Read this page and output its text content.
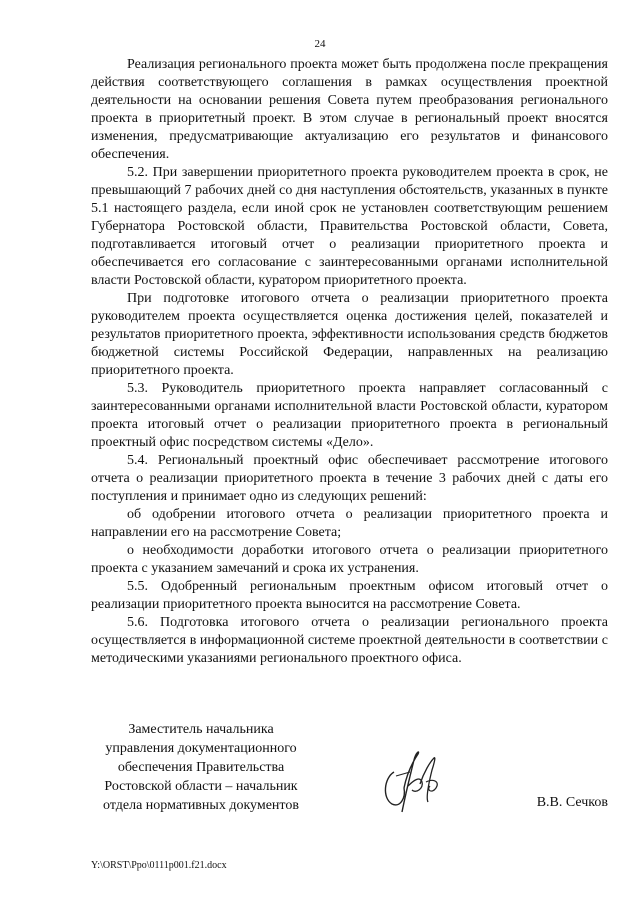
24

Реализация регионального проекта может быть продолжена после прекращения действия соответствующего соглашения в рамках осуществления проектной деятельности на основании решения Совета путем преобразования регионального проекта в приоритетный проект. В этом случае в региональный проект вносятся изменения, предусматривающие актуализацию его результатов и финансового обеспечения.

5.2. При завершении приоритетного проекта руководителем проекта в срок, не превышающий 7 рабочих дней со дня наступления обстоятельств, указанных в пункте 5.1 настоящего раздела, если иной срок не установлен соответствующим решением Губернатора Ростовской области, Правительства Ростовской области, Совета, подготавливается итоговый отчет о реализации приоритетного проекта и обеспечивается его согласование с заинтересованными органами исполнительной власти Ростовской области, куратором приоритетного проекта.

При подготовке итогового отчета о реализации приоритетного проекта руководителем проекта осуществляется оценка достижения целей, показателей и результатов приоритетного проекта, эффективности использования средств бюджетов бюджетной системы Российской Федерации, направленных на реализацию приоритетного проекта.

5.3. Руководитель приоритетного проекта направляет согласованный с заинтересованными органами исполнительной власти Ростовской области, куратором проекта итоговый отчет о реализации приоритетного проекта в региональный проектный офис посредством системы «Дело».

5.4. Региональный проектный офис обеспечивает рассмотрение итогового отчета о реализации приоритетного проекта в течение 3 рабочих дней с даты его поступления и принимает одно из следующих решений:

об одобрении итогового отчета о реализации приоритетного проекта и направлении его на рассмотрение Совета;

о необходимости доработки итогового отчета о реализации приоритетного проекта с указанием замечаний и срока их устранения.

5.5. Одобренный региональным проектным офисом итоговый отчет о реализации приоритетного проекта выносится на рассмотрение Совета.

5.6. Подготовка итогового отчета о реализации регионального проекта осуществляется в информационной системе проектной деятельности в соответствии с методическими указаниями регионального проектного офиса.

Заместитель начальника
управления документационного
обеспечения Правительства
Ростовской области – начальник
отдела нормативных документов	В.В. Сечков
Y:\ORST\Ppo\0111p001.f21.docx
